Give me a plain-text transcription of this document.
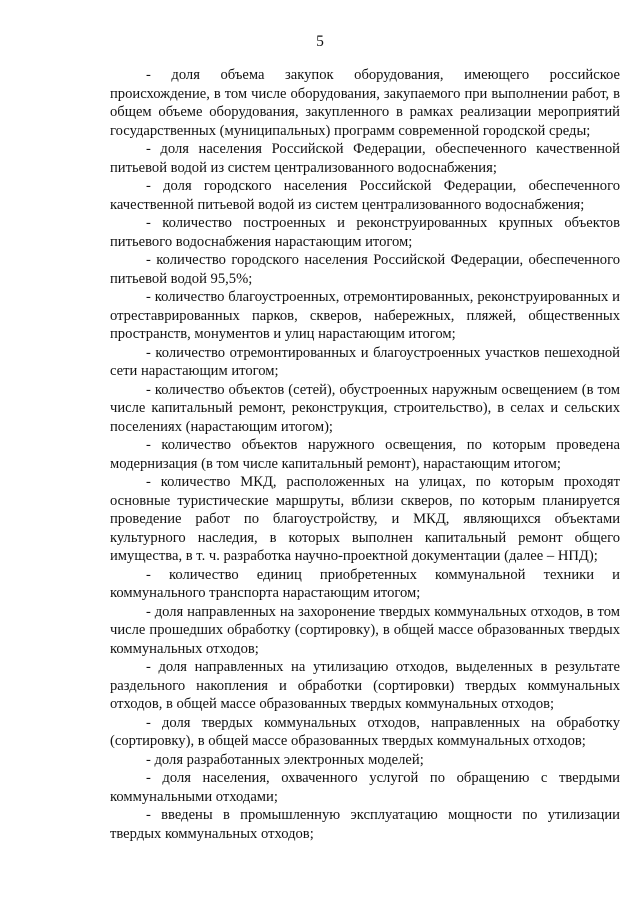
5

- доля объема закупок оборудования, имеющего российское происхождение, в том числе оборудования, закупаемого при выполнении работ, в общем объеме оборудования, закупленного в рамках реализации мероприятий государственных (муниципальных) программ современной городской среды;

- доля населения Российской Федерации, обеспеченного качественной питьевой водой из систем централизованного водоснабжения;

- доля городского населения Российской Федерации, обеспеченного качественной питьевой водой из систем централизованного водоснабжения;

- количество построенных и реконструированных крупных объектов питьевого водоснабжения нарастающим итогом;

- количество городского населения Российской Федерации, обеспеченного питьевой водой 95,5%;

- количество благоустроенных, отремонтированных, реконструированных и отреставрированных парков, скверов, набережных, пляжей, общественных пространств, монументов и улиц нарастающим итогом;

- количество отремонтированных и благоустроенных участков пешеходной сети нарастающим итогом;

- количество объектов (сетей), обустроенных наружным освещением (в том числе капитальный ремонт, реконструкция, строительство), в селах и сельских поселениях (нарастающим итогом);

- количество объектов наружного освещения, по которым проведена модернизация (в том числе капитальный ремонт), нарастающим итогом;

- количество МКД, расположенных на улицах, по которым проходят основные туристические маршруты, вблизи скверов, по которым планируется проведение работ по благоустройству, и МКД, являющихся объектами культурного наследия, в которых выполнен капитальный ремонт общего имущества, в т. ч. разработка научно-проектной документации (далее – НПД);

- количество единиц приобретенных коммунальной техники и коммунального транспорта нарастающим итогом;

- доля направленных на захоронение твердых коммунальных отходов, в том числе прошедших обработку (сортировку), в общей массе образованных твердых коммунальных отходов;

- доля направленных на утилизацию отходов, выделенных в результате раздельного накопления и обработки (сортировки) твердых коммунальных отходов, в общей массе образованных твердых коммунальных отходов;

- доля твердых коммунальных отходов, направленных на обработку (сортировку), в общей массе образованных твердых коммунальных отходов;

- доля разработанных электронных моделей;

- доля населения, охваченного услугой по обращению с твердыми коммунальными отходами;

- введены в промышленную эксплуатацию мощности по утилизации твердых коммунальных отходов;
